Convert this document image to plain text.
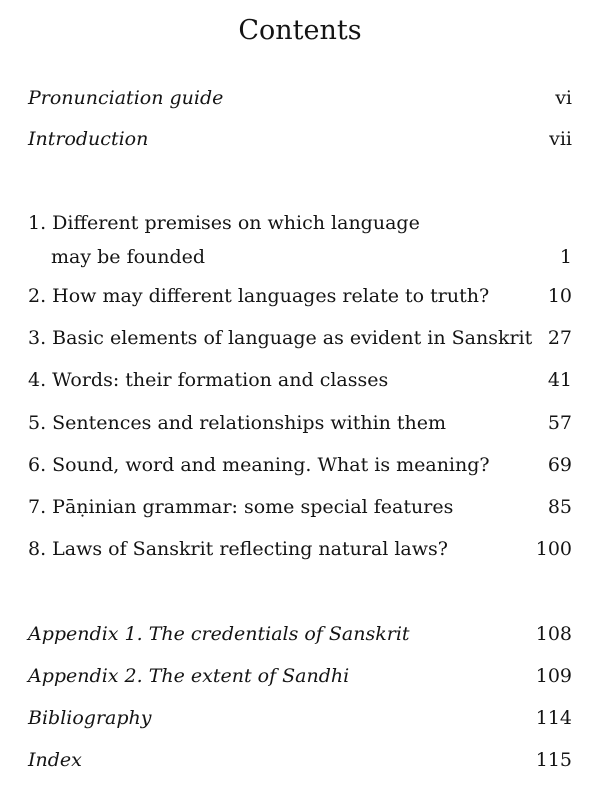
Contents
Pronunciation guide	vi
Introduction	vii
1. Different premises on which language
may be founded	1
2. How may different languages relate to truth?	10
3. Basic elements of language as evident in Sanskrit 27
4. Words: their formation and classes	41
5. Sentences and relationships within them	57
6. Sound, word and meaning. What is meaning?	69
7. Pāṇinian grammar: some special features	85
8. Laws of Sanskrit reflecting natural laws?	100
Appendix 1. The credentials of Sanskrit	108
Appendix 2. The extent of Sandhi	109
Bibliography	114
Index	115
